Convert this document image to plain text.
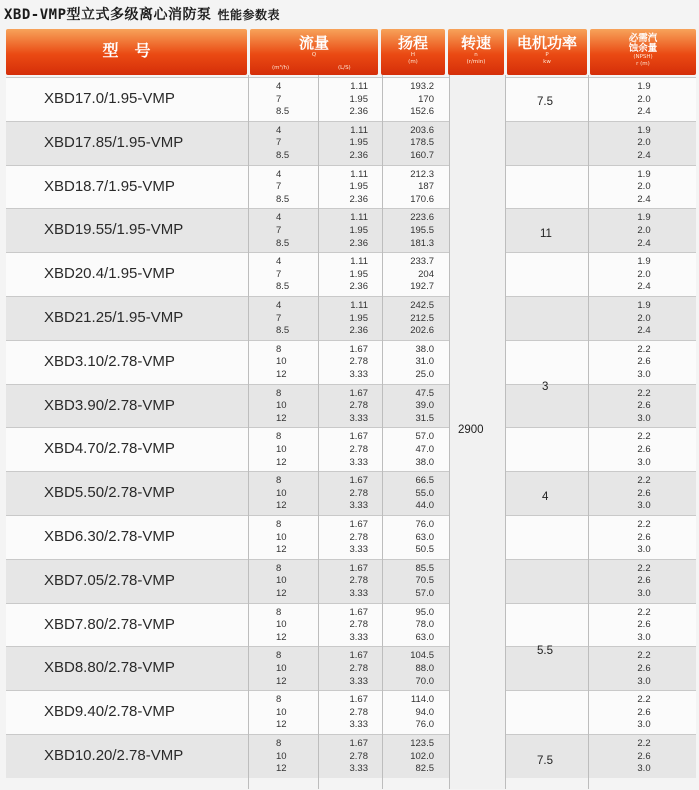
XBD-VMP型立式多级离心消防泵 性能参数表
型　号	流量
Q
(m³/h)	(L/S)
扬程
H
(m)
转速
n
(r/min)
电机功率
P
kw
必需汽
蚀余量
(NPSH)
r (m)
XBD17.0/1.95-VMP
4
7
8.5
1.11
1.95
2.36
193.2
170
152.6
1.9
2.0
2.4
XBD17.85/1.95-VMP
4
7
8.5
1.11
1.95
2.36
203.6
178.5
160.7
1.9
2.0
2.4
XBD18.7/1.95-VMP
4
7
8.5
1.11
1.95
2.36
212.3
187
170.6
1.9
2.0
2.4
XBD19.55/1.95-VMP
4
7
8.5
1.11
1.95
2.36
223.6
195.5
181.3
1.9
2.0
2.4
XBD20.4/1.95-VMP
4
7
8.5
1.11
1.95
2.36
233.7
204
192.7
1.9
2.0
2.4
XBD21.25/1.95-VMP
4
7
8.5
1.11
1.95
2.36
242.5
212.5
202.6
1.9
2.0
2.4
XBD3.10/2.78-VMP
8
10
12
1.67
2.78
3.33
38.0
31.0
25.0
2.2
2.6
3.0
XBD3.90/2.78-VMP
8
10
12
1.67
2.78
3.33
47.5
39.0
31.5
2.2
2.6
3.0
XBD4.70/2.78-VMP
8
10
12
1.67
2.78
3.33
57.0
47.0
38.0
2.2
2.6
3.0
XBD5.50/2.78-VMP
8
10
12
1.67
2.78
3.33
66.5
55.0
44.0
2.2
2.6
3.0
XBD6.30/2.78-VMP
8
10
12
1.67
2.78
3.33
76.0
63.0
50.5
2.2
2.6
3.0
XBD7.05/2.78-VMP
8
10
12
1.67
2.78
3.33
85.5
70.5
57.0
2.2
2.6
3.0
XBD7.80/2.78-VMP
8
10
12
1.67
2.78
3.33
95.0
78.0
63.0
2.2
2.6
3.0
XBD8.80/2.78-VMP
8
10
12
1.67
2.78
3.33
104.5
88.0
70.0
2.2
2.6
3.0
XBD9.40/2.78-VMP
8
10
12
1.67
2.78
3.33
114.0
94.0
76.0
2.2
2.6
3.0
XBD10.20/2.78-VMP
8
10
12
1.67
2.78
3.33
123.5
102.0
82.5
2.2
2.6
3.0
2900
7.5
11
3
4
5.5
7.5
